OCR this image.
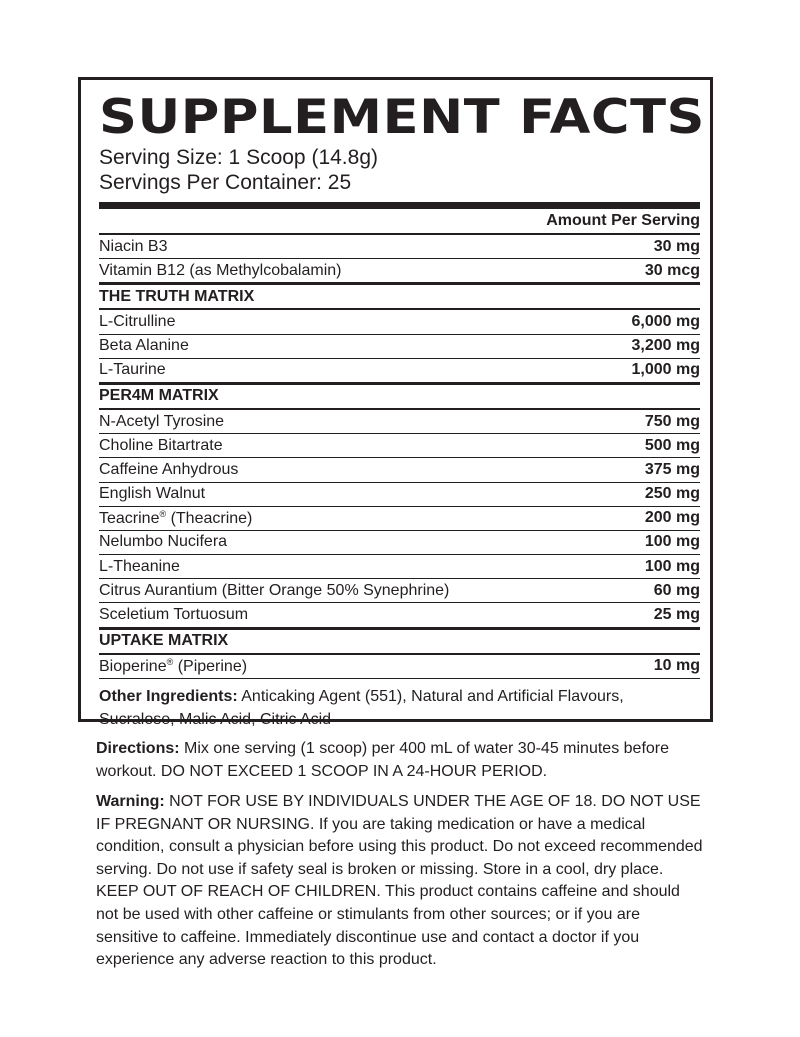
SUPPLEMENT FACTS
Serving Size: 1 Scoop (14.8g)
Servings Per Container: 25
Amount Per Serving
Niacin B3	30 mg
Vitamin B12 (as Methylcobalamin)	30 mcg
THE TRUTH MATRIX
L-Citrulline	6,000 mg
Beta Alanine	3,200 mg
L-Taurine	1,000 mg
PER4M MATRIX
N-Acetyl Tyrosine	750 mg
Choline Bitartrate	500 mg
Caffeine Anhydrous	375 mg
English Walnut	250 mg
Teacrine® (Theacrine)	200 mg
Nelumbo Nucifera	100 mg
L-Theanine	100 mg
Citrus Aurantium (Bitter Orange 50% Synephrine)	60 mg
Sceletium Tortuosum	25 mg
UPTAKE MATRIX
Bioperine® (Piperine)	10 mg
Other Ingredients: Anticaking Agent (551), Natural and Artificial Flavours, Sucralose, Malic Acid, Citric Acid
Directions: Mix one serving (1 scoop) per 400 mL of water 30-45 minutes before workout. DO NOT EXCEED 1 SCOOP IN A 24-HOUR PERIOD.
Warning: NOT FOR USE BY INDIVIDUALS UNDER THE AGE OF 18. DO NOT USE IF PREGNANT OR NURSING. If you are taking medication or have a medical condition, consult a physician before using this product. Do not exceed recommended serving. Do not use if safety seal is broken or missing. Store in a cool, dry place. KEEP OUT OF REACH OF CHILDREN. This product contains caffeine and should not be used with other caffeine or stimulants from other sources; or if you are sensitive to caffeine. Immediately discontinue use and contact a doctor if you experience any adverse reaction to this product.
